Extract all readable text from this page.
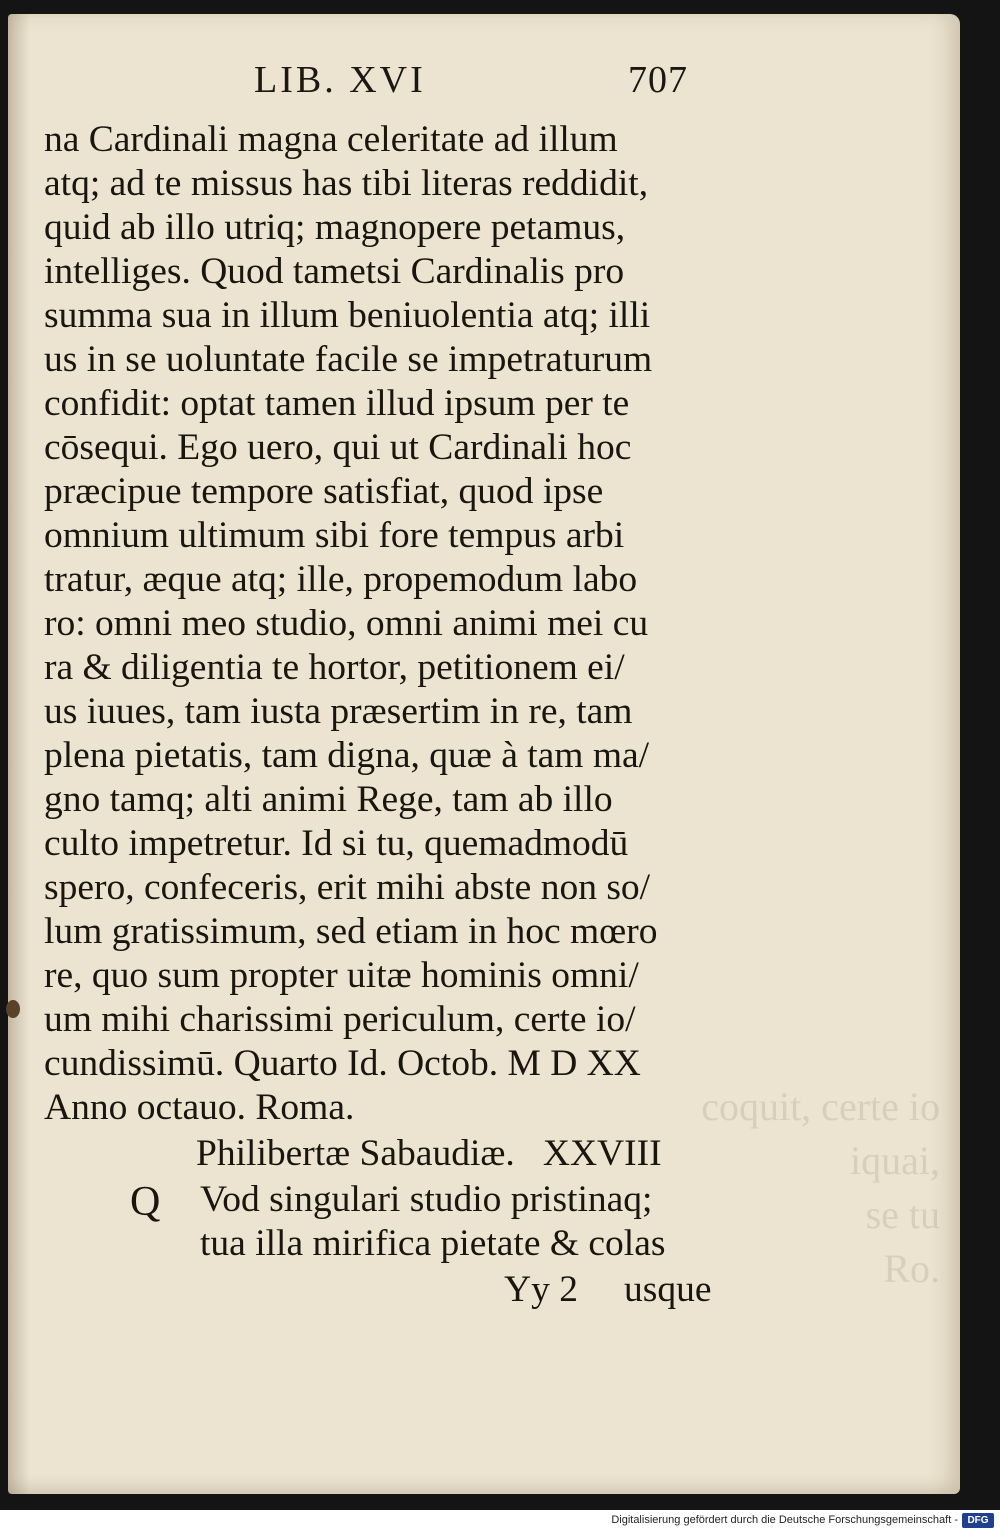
coquit, certe io
iquai,
se tu
Ro.
LIB. XVI	707
na Cardinali magna celeritate ad illum
atq; ad te missus has tibi literas reddidit,
quid ab illo utriq; magnopere petamus,
intelliges. Quod tametsi Cardinalis pro
summa sua in illum beniuolentia atq; illi
us in se uoluntate facile se impetraturum
confidit: optat tamen illud ipsum per te
cōsequi. Ego uero, qui ut Cardinali hoc
præcipue tempore satisfiat, quod ipse
omnium ultimum sibi fore tempus arbi
tratur, æque atq; ille, propemodum labo
ro: omni meo studio, omni animi mei cu
ra & diligentia te hortor, petitionem ei/
us iuues, tam iusta præsertim in re, tam
plena pietatis, tam digna, quæ à tam ma/
gno tamq; alti animi Rege, tam ab illo
culto impetretur. Id si tu, quemadmodū
spero, confeceris, erit mihi abste non so/
lum gratissimum, sed etiam in hoc mœro
re, quo sum propter uitæ hominis omni/
um mihi charissimi periculum, certe io/
cundissimū. Quarto Id. Octob. M D XX
Anno octauo. Roma.
Philibertæ Sabaudiæ.   XXVIII
Q Vod singulari studio pristinaq;
tua illa mirifica pietate & colas
Yy 2 usque
Digitalisierung gefördert durch die Deutsche Forschungsgemeinschaft - DFG
